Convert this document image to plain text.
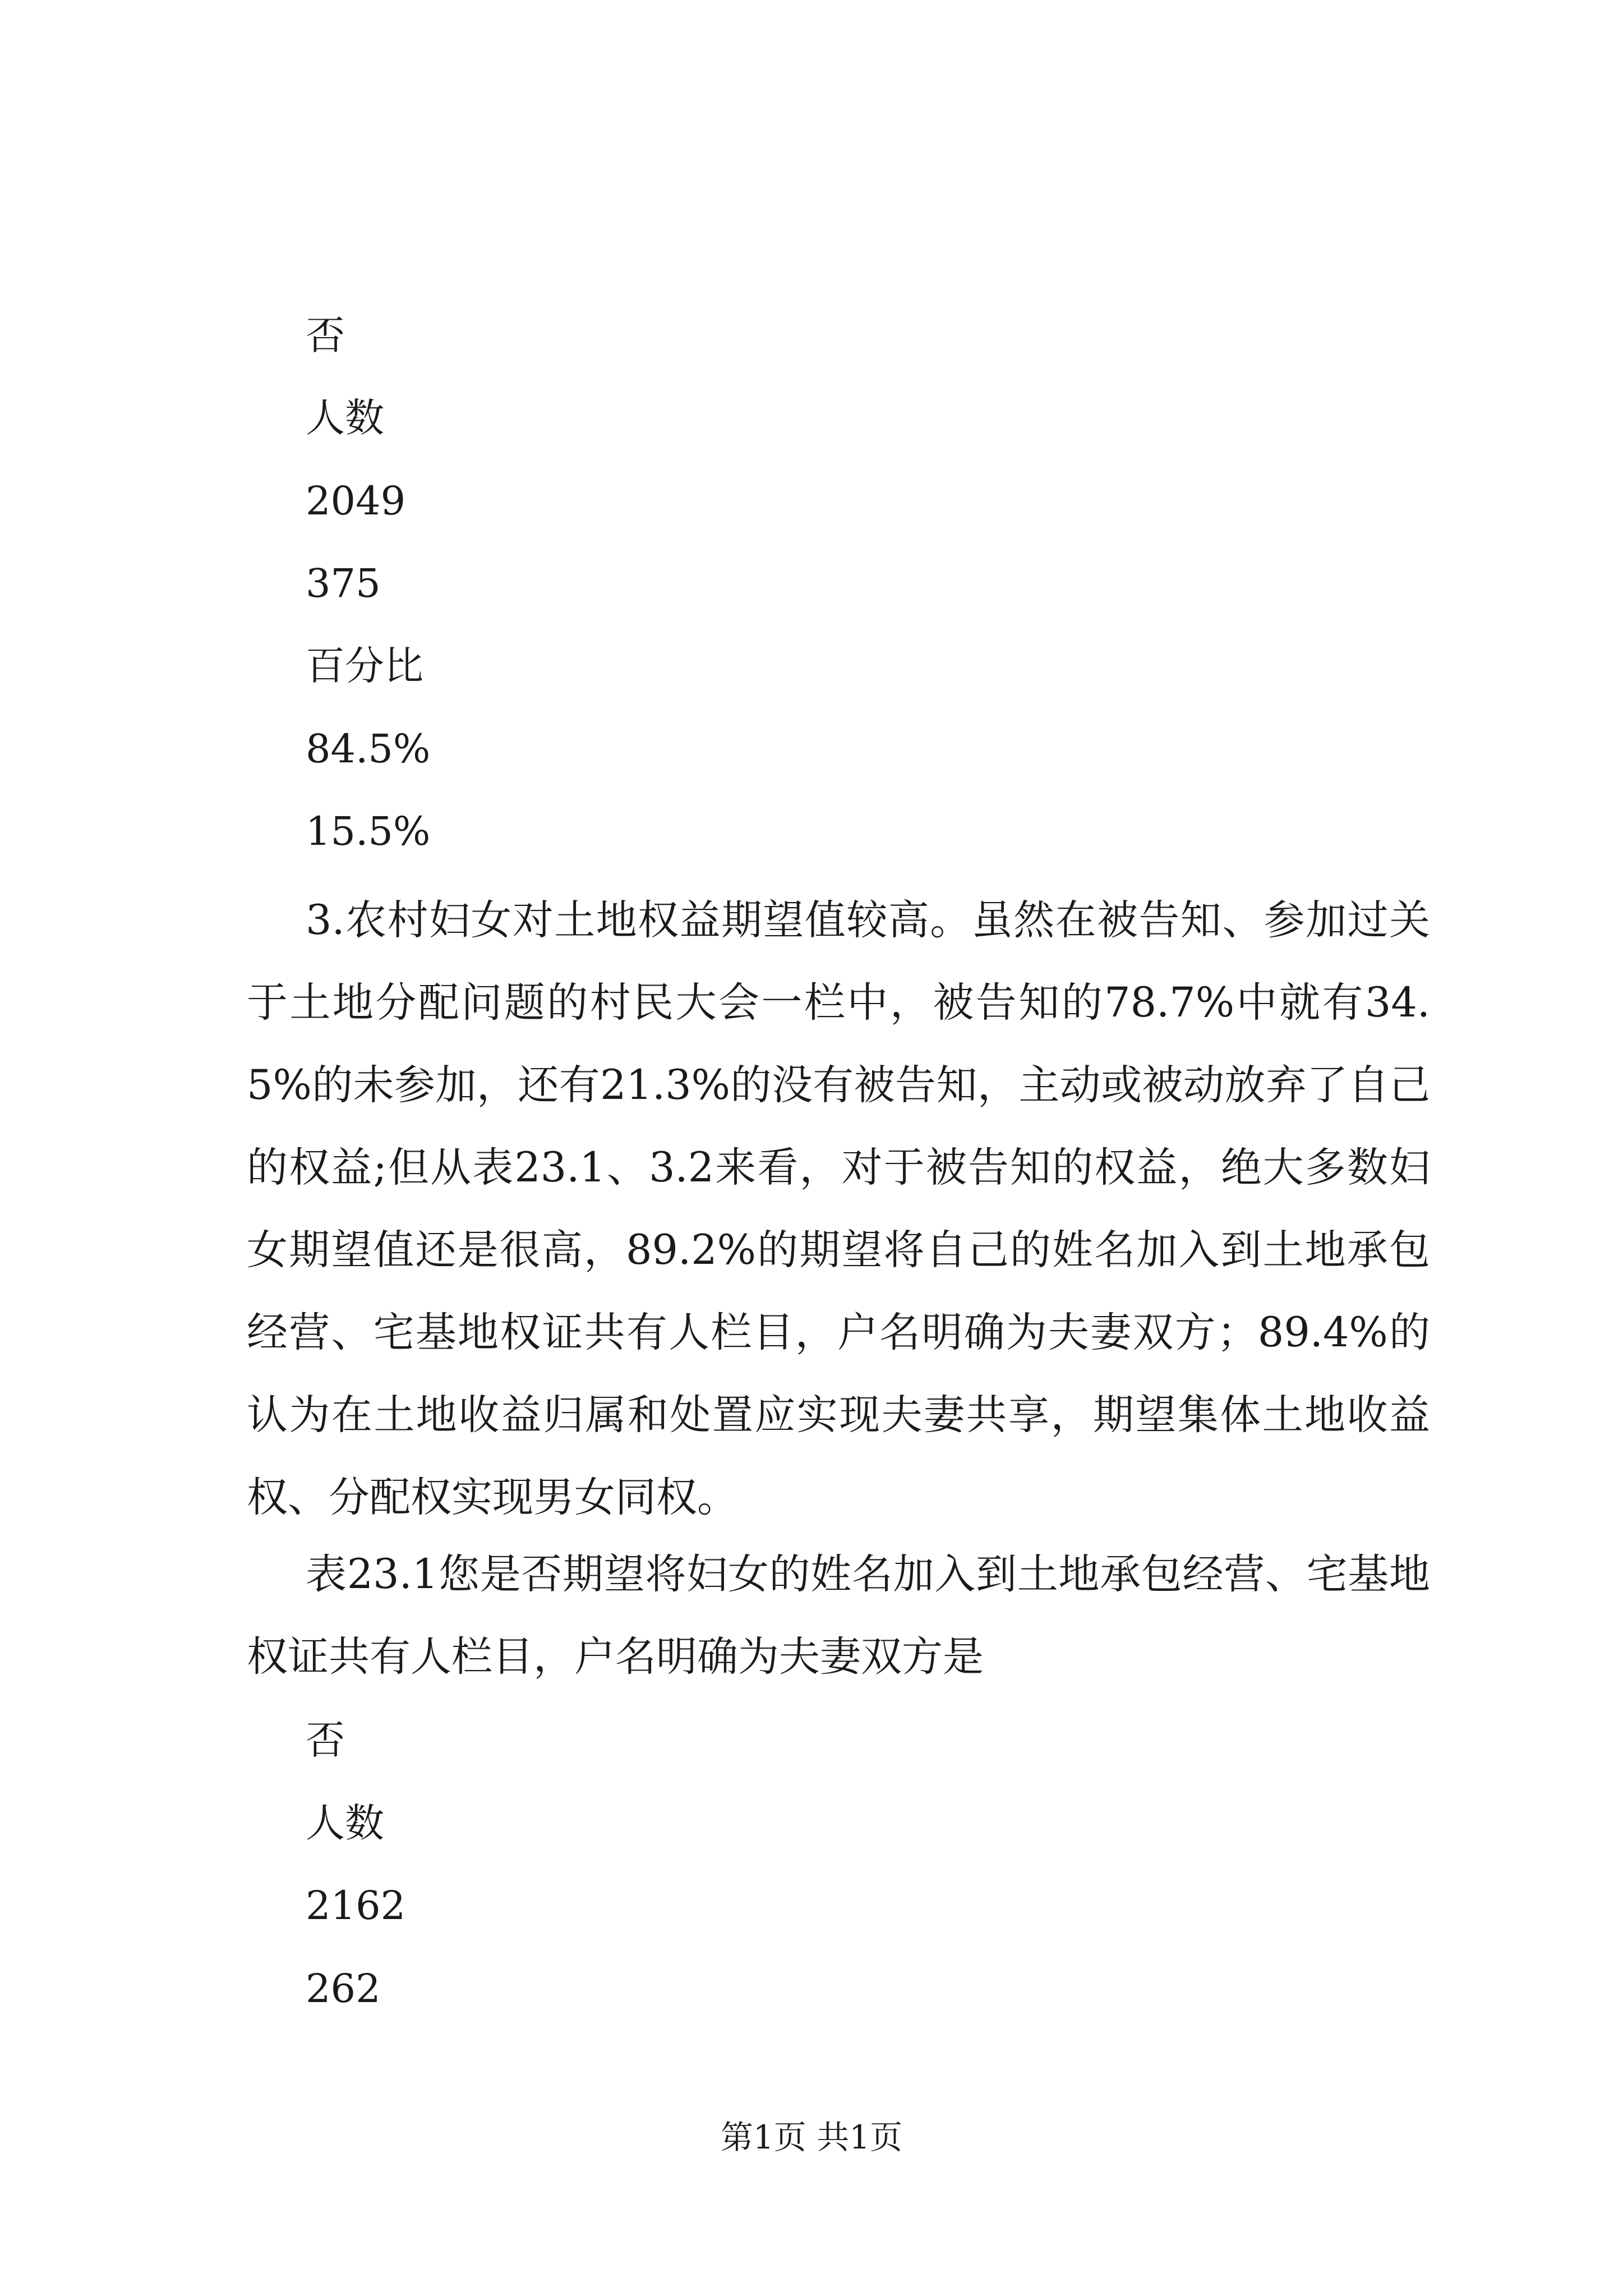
否

人数

2049

375

百分比

84.5%

15.5%

3.农村妇女对土地权益期望值较高。虽然在被告知、参加过关于土地分配问题的村民大会一栏中，被告知的78.7%中就有34.5%的未参加，还有21.3%的没有被告知，主动或被动放弃了自己的权益;但从表23.1、3.2来看，对于被告知的权益，绝大多数妇女期望值还是很高，89.2%的期望将自己的姓名加入到土地承包经营、宅基地权证共有人栏目，户名明确为夫妻双方；89.4%的认为在土地收益归属和处置应实现夫妻共享，期望集体土地收益权、分配权实现男女同权。

表23.1您是否期望将妇女的姓名加入到土地承包经营、宅基地权证共有人栏目，户名明确为夫妻双方是

否

人数

2162

262

第1页 共1页
